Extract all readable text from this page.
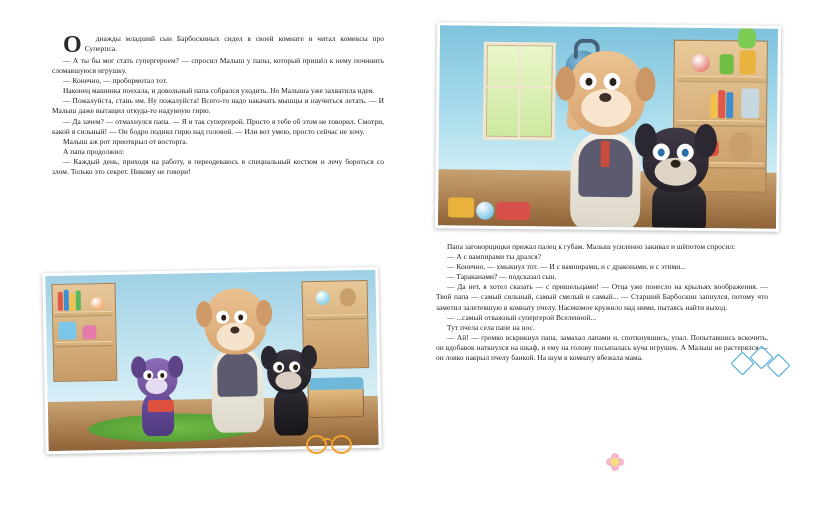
О днажды младший сын Барбоскиных сидел в своей комнате и читал комиксы про Суперпса.

— А ты бы мог стать супергероем? — спросил Малыш у папы, который пришёл к нему починить сломавшуюся игрушку.

— Конечно, — пробормотал тот.

Наконец машинка поехала, и довольный папа собрался уходить. Но Малыша уже захватила идея.

— Пожалуйста, стань им. Ну пожалуйста! Всего-то надо накачать мышцы и научиться летать. — И Малыш даже вытащил откуда-то надувную гирю.

— Да зачем? — отмахнулся папа. — Я и так супергерой. Просто я тебе об этом не говорил. Смотри, какой я сильный! — Он бодро поднял гирю над головой. — Или вот умею, просто сейчас не хочу.

Малыш аж рот приоткрыл от восторга.

А папа продолжил:

— Каждый день, приходя на работу, я переодеваюсь в специальный костюм и лечу бороться со злом. Только это секрет. Никому не говори!

Папа заговорщицки прижал палец к губам. Малыш усиленно закивал и шёпотом спросил:

— А с вампирами ты дрался?

— Конечно, — хмыкнул тот. — И с вампирами, и с драконами, и с этими...

— Тараканами? — подсказал сын.

— Да нет, я хотел сказать — с пришельцами! — Отца уже понесло на крыльях воображения. — Твой папа — самый сильный, самый смелый и самый... — Старший Барбоскин запнулся, потому что заметил залетевшую в комнату пчелу. Насекомое кружило над ними, пытаясь найти выход.

— ...самый отважный супергерой Вселенной...

Тут пчела села папе на нос.

— Ай! — громко вскрикнул папа, замахал лапами и, споткнувшись, упал. Попытавшись вскочить, он вдобавок наткнулся на шкаф, и ему на голову посыпалась куча игрушек. А Малыш не растерялся — он ловко накрыл пчелу банкой. На шум в комнату вбежала мама.
